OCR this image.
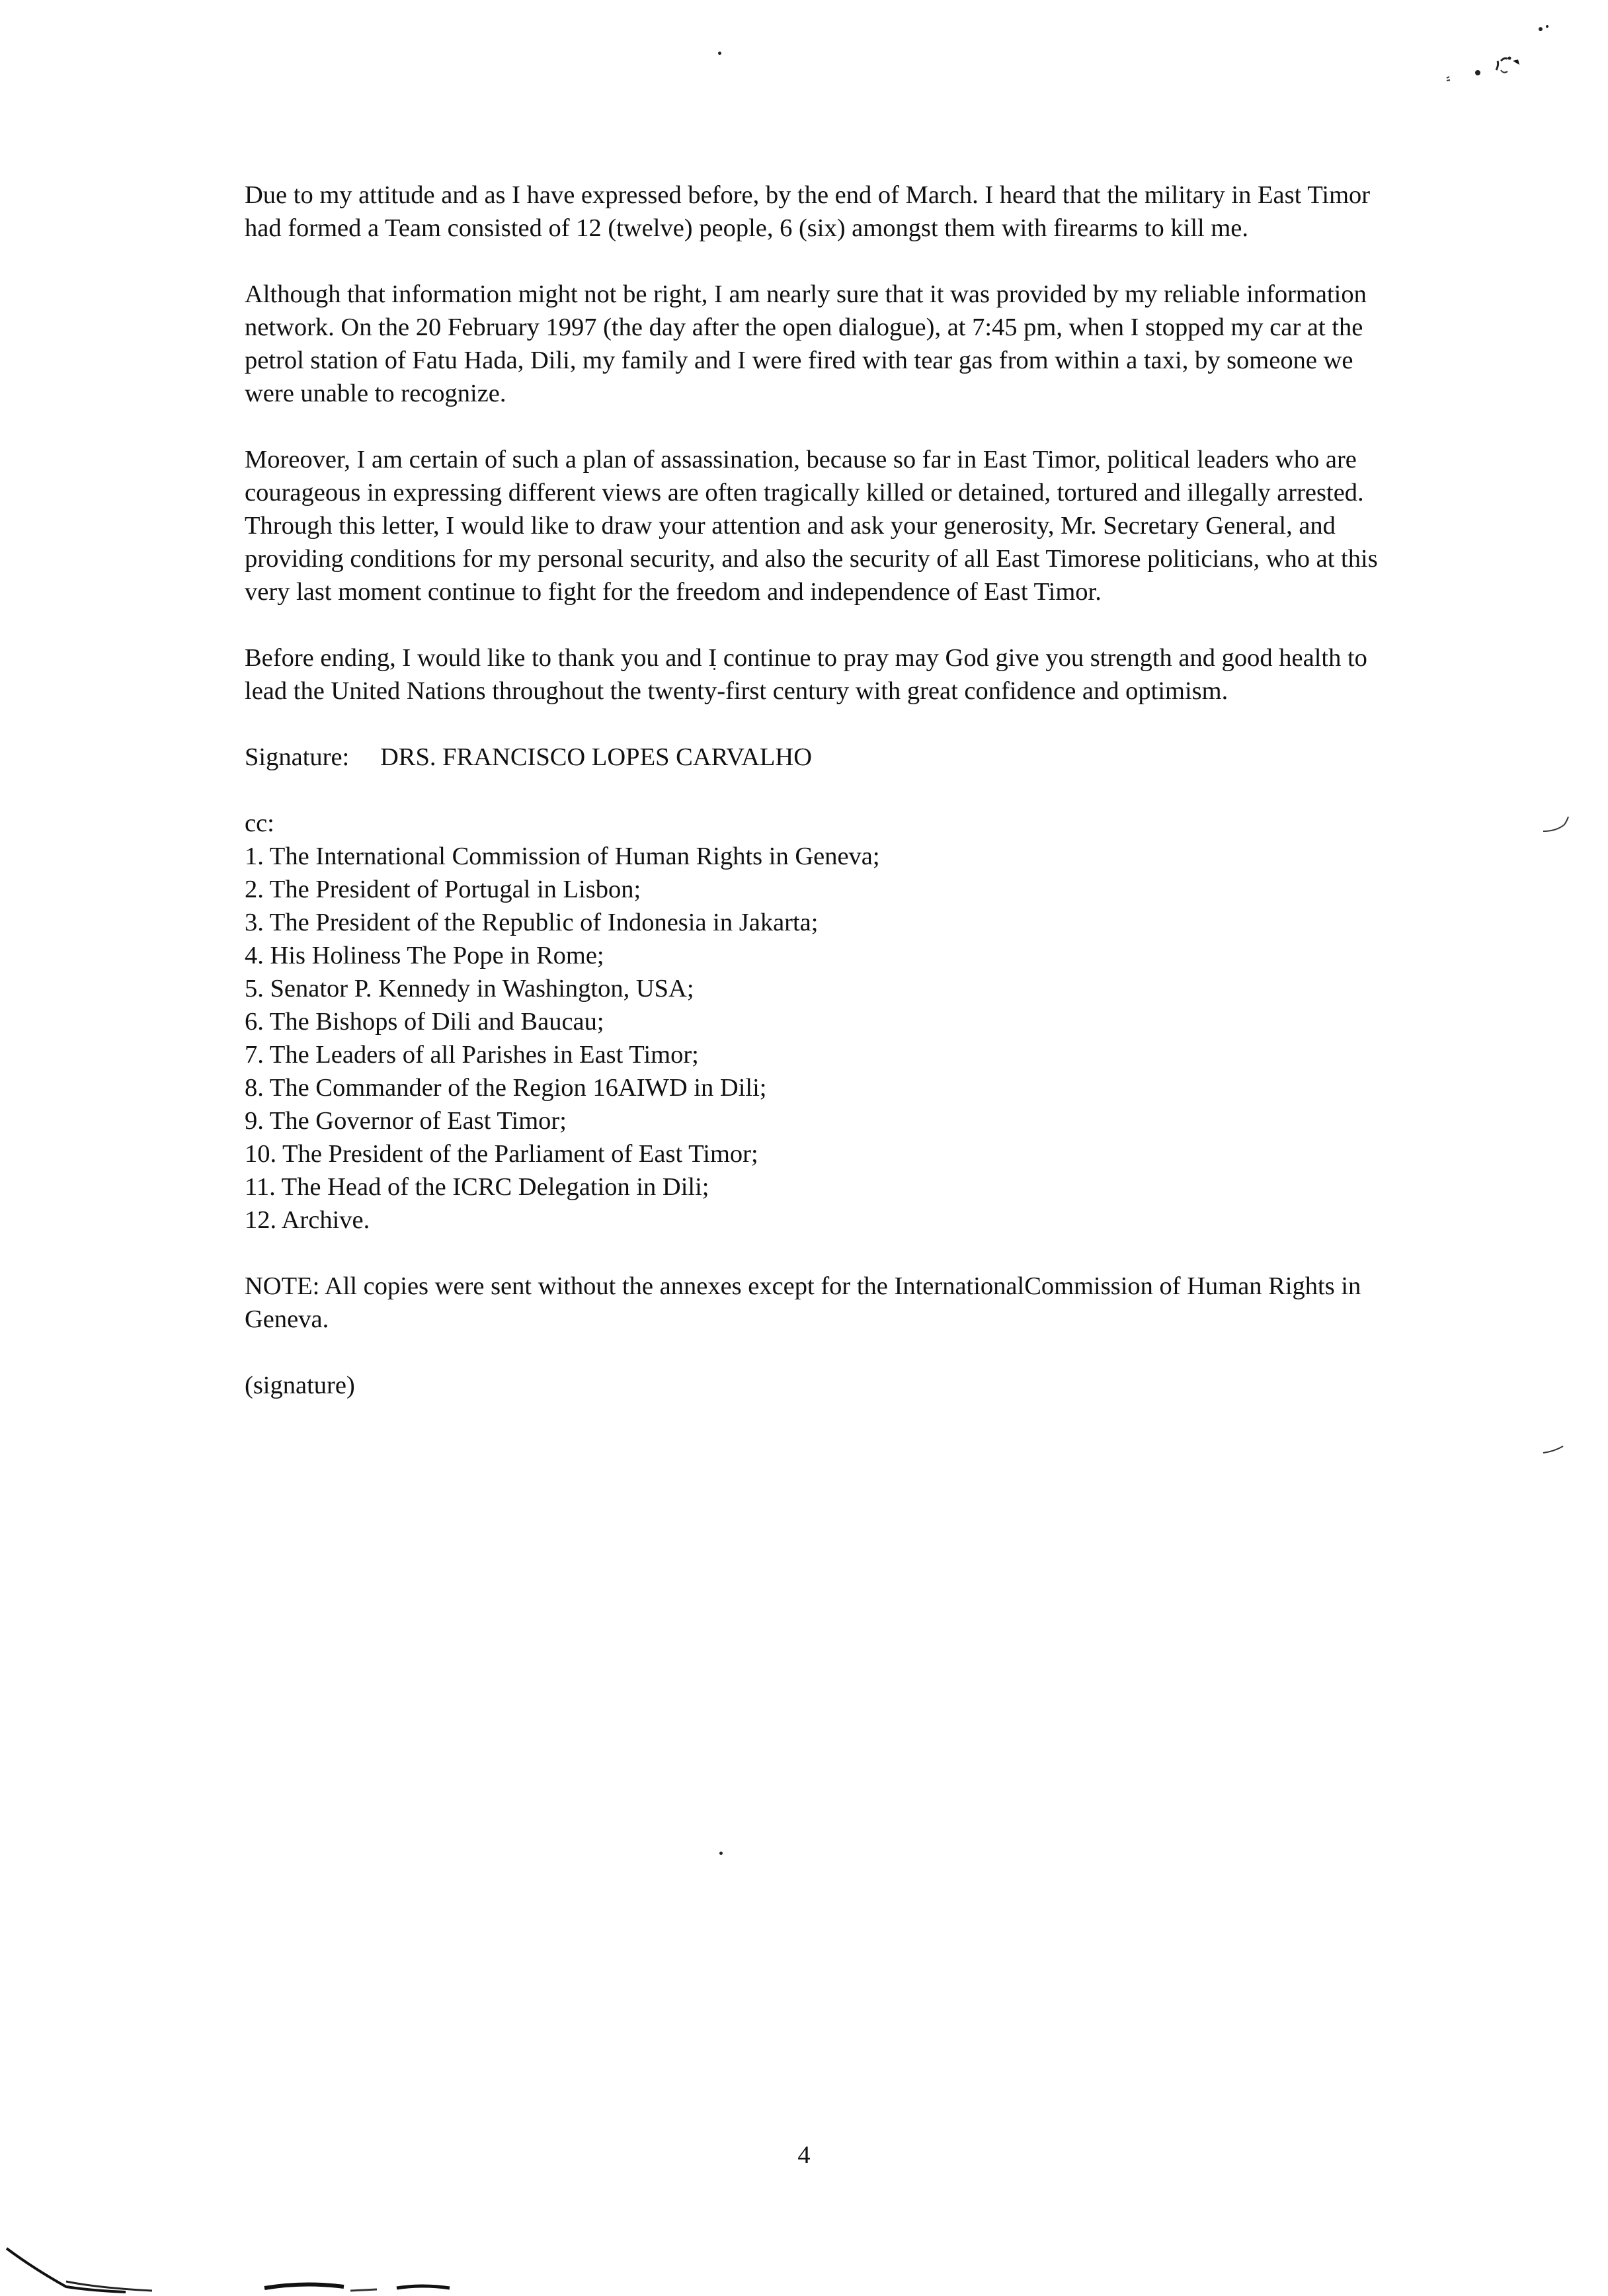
Due to my attitude and as I have expressed before, by the end of March. I heard that the military in East Timor had formed a Team consisted of 12 (twelve) people, 6 (six) amongst them with firearms to kill me.

Although that information might not be right, I am nearly sure that it was provided by my reliable information network. On the 20 February 1997 (the day after the open dialogue), at 7:45 pm, when I stopped my car at the petrol station of Fatu Hada, Dili, my family and I were fired with tear gas from within a taxi, by someone we were unable to recognize.

Moreover, I am certain of such a plan of assassination, because so far in East Timor, political leaders who are courageous in expressing different views are often tragically killed or detained, tortured and illegally arrested. Through this letter, I would like to draw your attention and ask your generosity, Mr. Secretary General, and providing conditions for my personal security, and also the security of all East Timorese politicians, who at this very last moment continue to fight for the freedom and independence of East Timor.

Before ending, I would like to thank you and I continue to pray may God give you strength and good health to lead the United Nations throughout the twenty-first century with great confidence and optimism.

Signature: DRS. FRANCISCO LOPES CARVALHO
cc:
1. The International Commission of Human Rights in Geneva;
2. The President of Portugal in Lisbon;
3. The President of the Republic of Indonesia in Jakarta;
4. His Holiness The Pope in Rome;
5. Senator P. Kennedy in Washington, USA;
6. The Bishops of Dili and Baucau;
7. The Leaders of all Parishes in East Timor;
8. The Commander of the Region 16AIWD in Dili;
9. The Governor of East Timor;
10. The President of the Parliament of East Timor;
11. The Head of the ICRC Delegation in Dili;
12. Archive.

NOTE: All copies were sent without the annexes except for the InternationalCommission of Human Rights in Geneva.

(signature)

4
